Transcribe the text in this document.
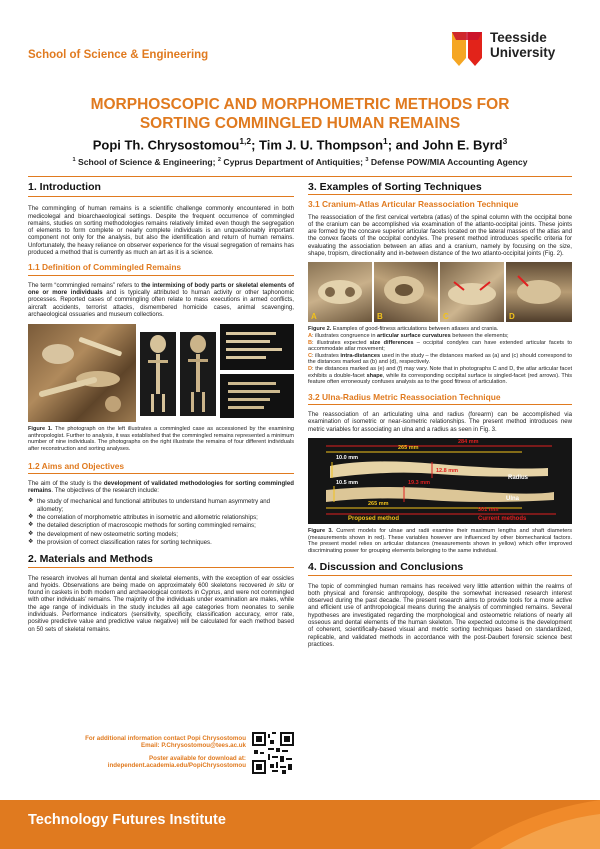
School of Science & Engineering
Teesside
University
MORPHOSCOPIC AND MORPHOMETRIC METHODS FOR
SORTING COMMINGLED HUMAN REMAINS
Popi Th. Chrysostomou$^{1,2}$; Tim J. U. Thompson$^1$; and John E. Byrd$^3$
$^1$ School of Science & Engineering; $^2$ Cyprus Department of Antiquities; $^3$ Defense POW/MIA Accounting Agency
1. Introduction

The commingling of human remains is a scientific challenge commonly encountered in both medicolegal and bioarchaeological settings. Despite the frequent occurrence of commingled remains, studies on sorting methodologies remains relatively limited even though the segregation of elements to form complete or nearly complete individuals is an unquestionably important component not only for the analysis, but also the identification and return of human remains. Unfortunately, the heavy reliance on observer experience for the visual segregation of remains has produced a method that is currently as much an art as it is a science.

1.1 Definition of Commingled Remains

The term “commingled remains” refers to the intermixing of body parts or skeletal elements of one or more individuals and is typically attributed to human activity or other taphonomic processes. Reported cases of commingling often relate to mass executions in armed conflicts, aircraft accidents, terrorist attacks, dismembered homicide cases, animal scavenging, archaeological ossuaries and museum collections.

Figure 1. The photograph on the left illustrates a commingled case as accessioned by the examining anthropologist. Further to analysis, it was established that the commingled remains represented a minimum number of nine individuals. The photographs on the right illustrate the remains of four different individuals after reconstruction and sorting analyses.
1.2 Aims and Objectives

The aim of the study is the development of validated methodologies for sorting commingled remains. The objectives of the research include:

❖ the study of mechanical and functional attributes to understand human asymmetry and allometry;
❖ the correlation of morphometric attributes in isometric and allometric relationships;
❖ the detailed description of macroscopic methods for sorting commingled remains;
❖ the development of new osteometric sorting models;
❖ the provision of correct classification rates for sorting techniques.
2. Materials and Methods

The research involves all human dental and skeletal elements, with the exception of ear ossicles and hyoids. Observations are being made on approximately 600 skeletons recovered in situ or found in caskets in both modern and archaeological contexts in Cyprus, and were not commingled with other individuals’ remains. The majority of the individuals under examination are males, while the age range of individuals in the study includes all age categories from neonates to senile individuals. Performance indicators (sensitivity, specificity, classification accuracy, error rate, positive predictive value and predictive value negative) will be calculated for each method based on 50 sets of skeletal remains.

For additional information contact Popi Chrysostomou
Email: P.Chrysostomou@tees.ac.uk
Poster available for download at:
independent.academia.edu/PopiChrysostomou
3. Examples of Sorting Techniques
3.1 Cranium-Atlas Articular Reassociation Technique

The reassociation of the first cervical vertebra (atlas) of the spinal column with the occipital bone of the cranium can be accomplished via examination of the atlanto-occipital joints. These joints are formed by the concave superior articular facets located on the lateral masses of the atlas and the convex facets of the occipital condyles. The present method introduces specific criteria for evaluating the association between an atlas and a cranium, namely by focusing on the size, shape, tropism, directionality and in-between distance of the two atlanto-occipital joints (Fig. 2).

A	B	C	D
Figure 2. Examples of good-fitness articulations between atlases and crania.
A: illustrates congruence in articular surface curvatures between the elements;
B: illustrates expected size differences – occipital condyles can have extended articular facets to accommodate atlar movement;
C: illustrates intra-distances used in the study – the distances marked as (a) and (c) should correspond to the distances marked as (b) and (d), respectively.
D: the distances marked as (e) and (f) may vary. Note that in photographs C and D, the atlar articular facet exhibits a double-facet shape, while its corresponding occipital surface is singled-facet (red arrows). This feature often erroneously confuses analysis as to the good fitness of articulation.
3.2 Ulna-Radius Metric Reassociation Technique

The reassociation of an articulating ulna and radius (forearm) can be accomplished via examination of isometric or near-isometric relationships. The present method introduces new metric variables for associating an ulna and a radius as seen in Fig. 3.

284 mm
265 mm
10.0 mm
12.8 mm
Radius
10.5 mm	19.3 mm
Ulna
265 mm
301 mm
Proposed method	Current methods
Figure 3. Current models for ulnae and radii examine their maximum lengths and shaft diameters (measurements shown in red). These variables however are influenced by other biomechanical factors. The present model relies on articular distances (measurements shown in yellow) which offer improved discriminating power for grouping elements belonging to the same individual.
4. Discussion and Conclusions

The topic of commingled human remains has received very little attention within the realms of both physical and forensic anthropology, despite the somewhat increased research interest observed during the past decade. The present research aims to provide tools for a more active and efficient use of anthropological means during the analysis of commingled remains. Several hypotheses are investigated regarding the morphological and osteometric relations of nearly all osseous and dental elements of the human skeleton. The expected outcome is the development of coherent, scientifically-based visual and metric sorting techniques based on standardized, replicable, and validated methods in accordance with the post-Daubert forensic science best practices.

Technology Futures Institute
